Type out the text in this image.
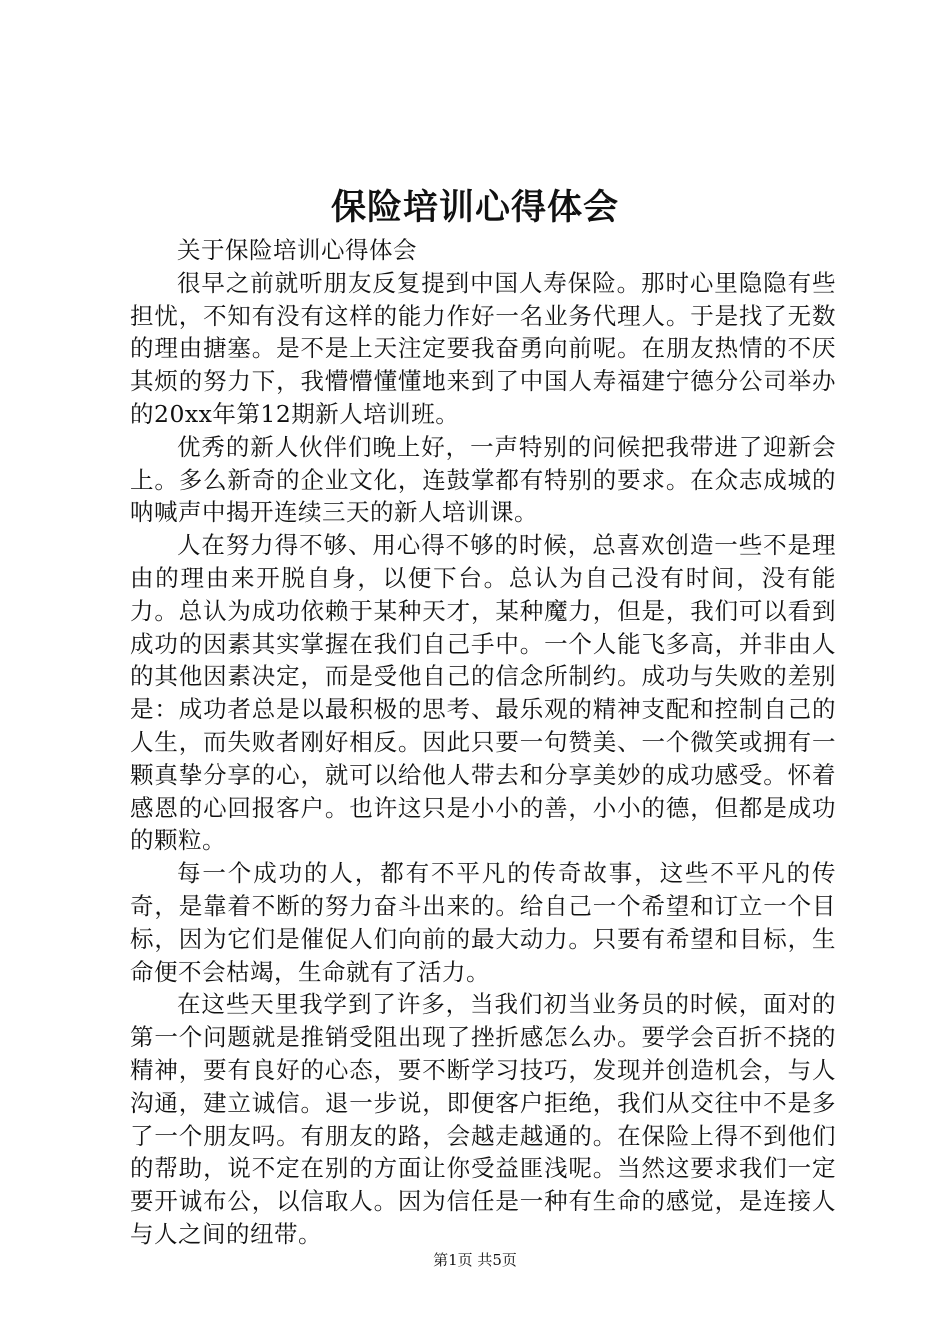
保险培训心得体会

关于保险培训心得体会

很早之前就听朋友反复提到中国人寿保险。那时心里隐隐有些担忧，不知有没有这样的能力作好一名业务代理人。于是找了无数的理由搪塞。是不是上天注定要我奋勇向前呢。在朋友热情的不厌其烦的努力下，我懵懵懂懂地来到了中国人寿福建宁德分公司举办的20xx年第12期新人培训班。

优秀的新人伙伴们晚上好，一声特别的问候把我带进了迎新会上。多么新奇的企业文化，连鼓掌都有特别的要求。在众志成城的呐喊声中揭开连续三天的新人培训课。

人在努力得不够、用心得不够的时候，总喜欢创造一些不是理由的理由来开脱自身，以便下台。总认为自己没有时间，没有能力。总认为成功依赖于某种天才，某种魔力，但是，我们可以看到成功的因素其实掌握在我们自己手中。一个人能飞多高，并非由人的其他因素决定，而是受他自己的信念所制约。成功与失败的差别是：成功者总是以最积极的思考、最乐观的精神支配和控制自己的人生，而失败者刚好相反。因此只要一句赞美、一个微笑或拥有一颗真挚分享的心，就可以给他人带去和分享美妙的成功感受。怀着感恩的心回报客户。也许这只是小小的善，小小的德，但都是成功的颗粒。

每一个成功的人，都有不平凡的传奇故事，这些不平凡的传奇，是靠着不断的努力奋斗出来的。给自己一个希望和订立一个目标，因为它们是催促人们向前的最大动力。只要有希望和目标，生命便不会枯竭，生命就有了活力。

在这些天里我学到了许多，当我们初当业务员的时候，面对的第一个问题就是推销受阻出现了挫折感怎么办。要学会百折不挠的精神，要有良好的心态，要不断学习技巧，发现并创造机会，与人沟通，建立诚信。退一步说，即便客户拒绝，我们从交往中不是多了一个朋友吗。有朋友的路，会越走越通的。在保险上得不到他们的帮助，说不定在别的方面让你受益匪浅呢。当然这要求我们一定要开诚布公，以信取人。因为信任是一种有生命的感觉，是连接人与人之间的纽带。

第1页 共5页
